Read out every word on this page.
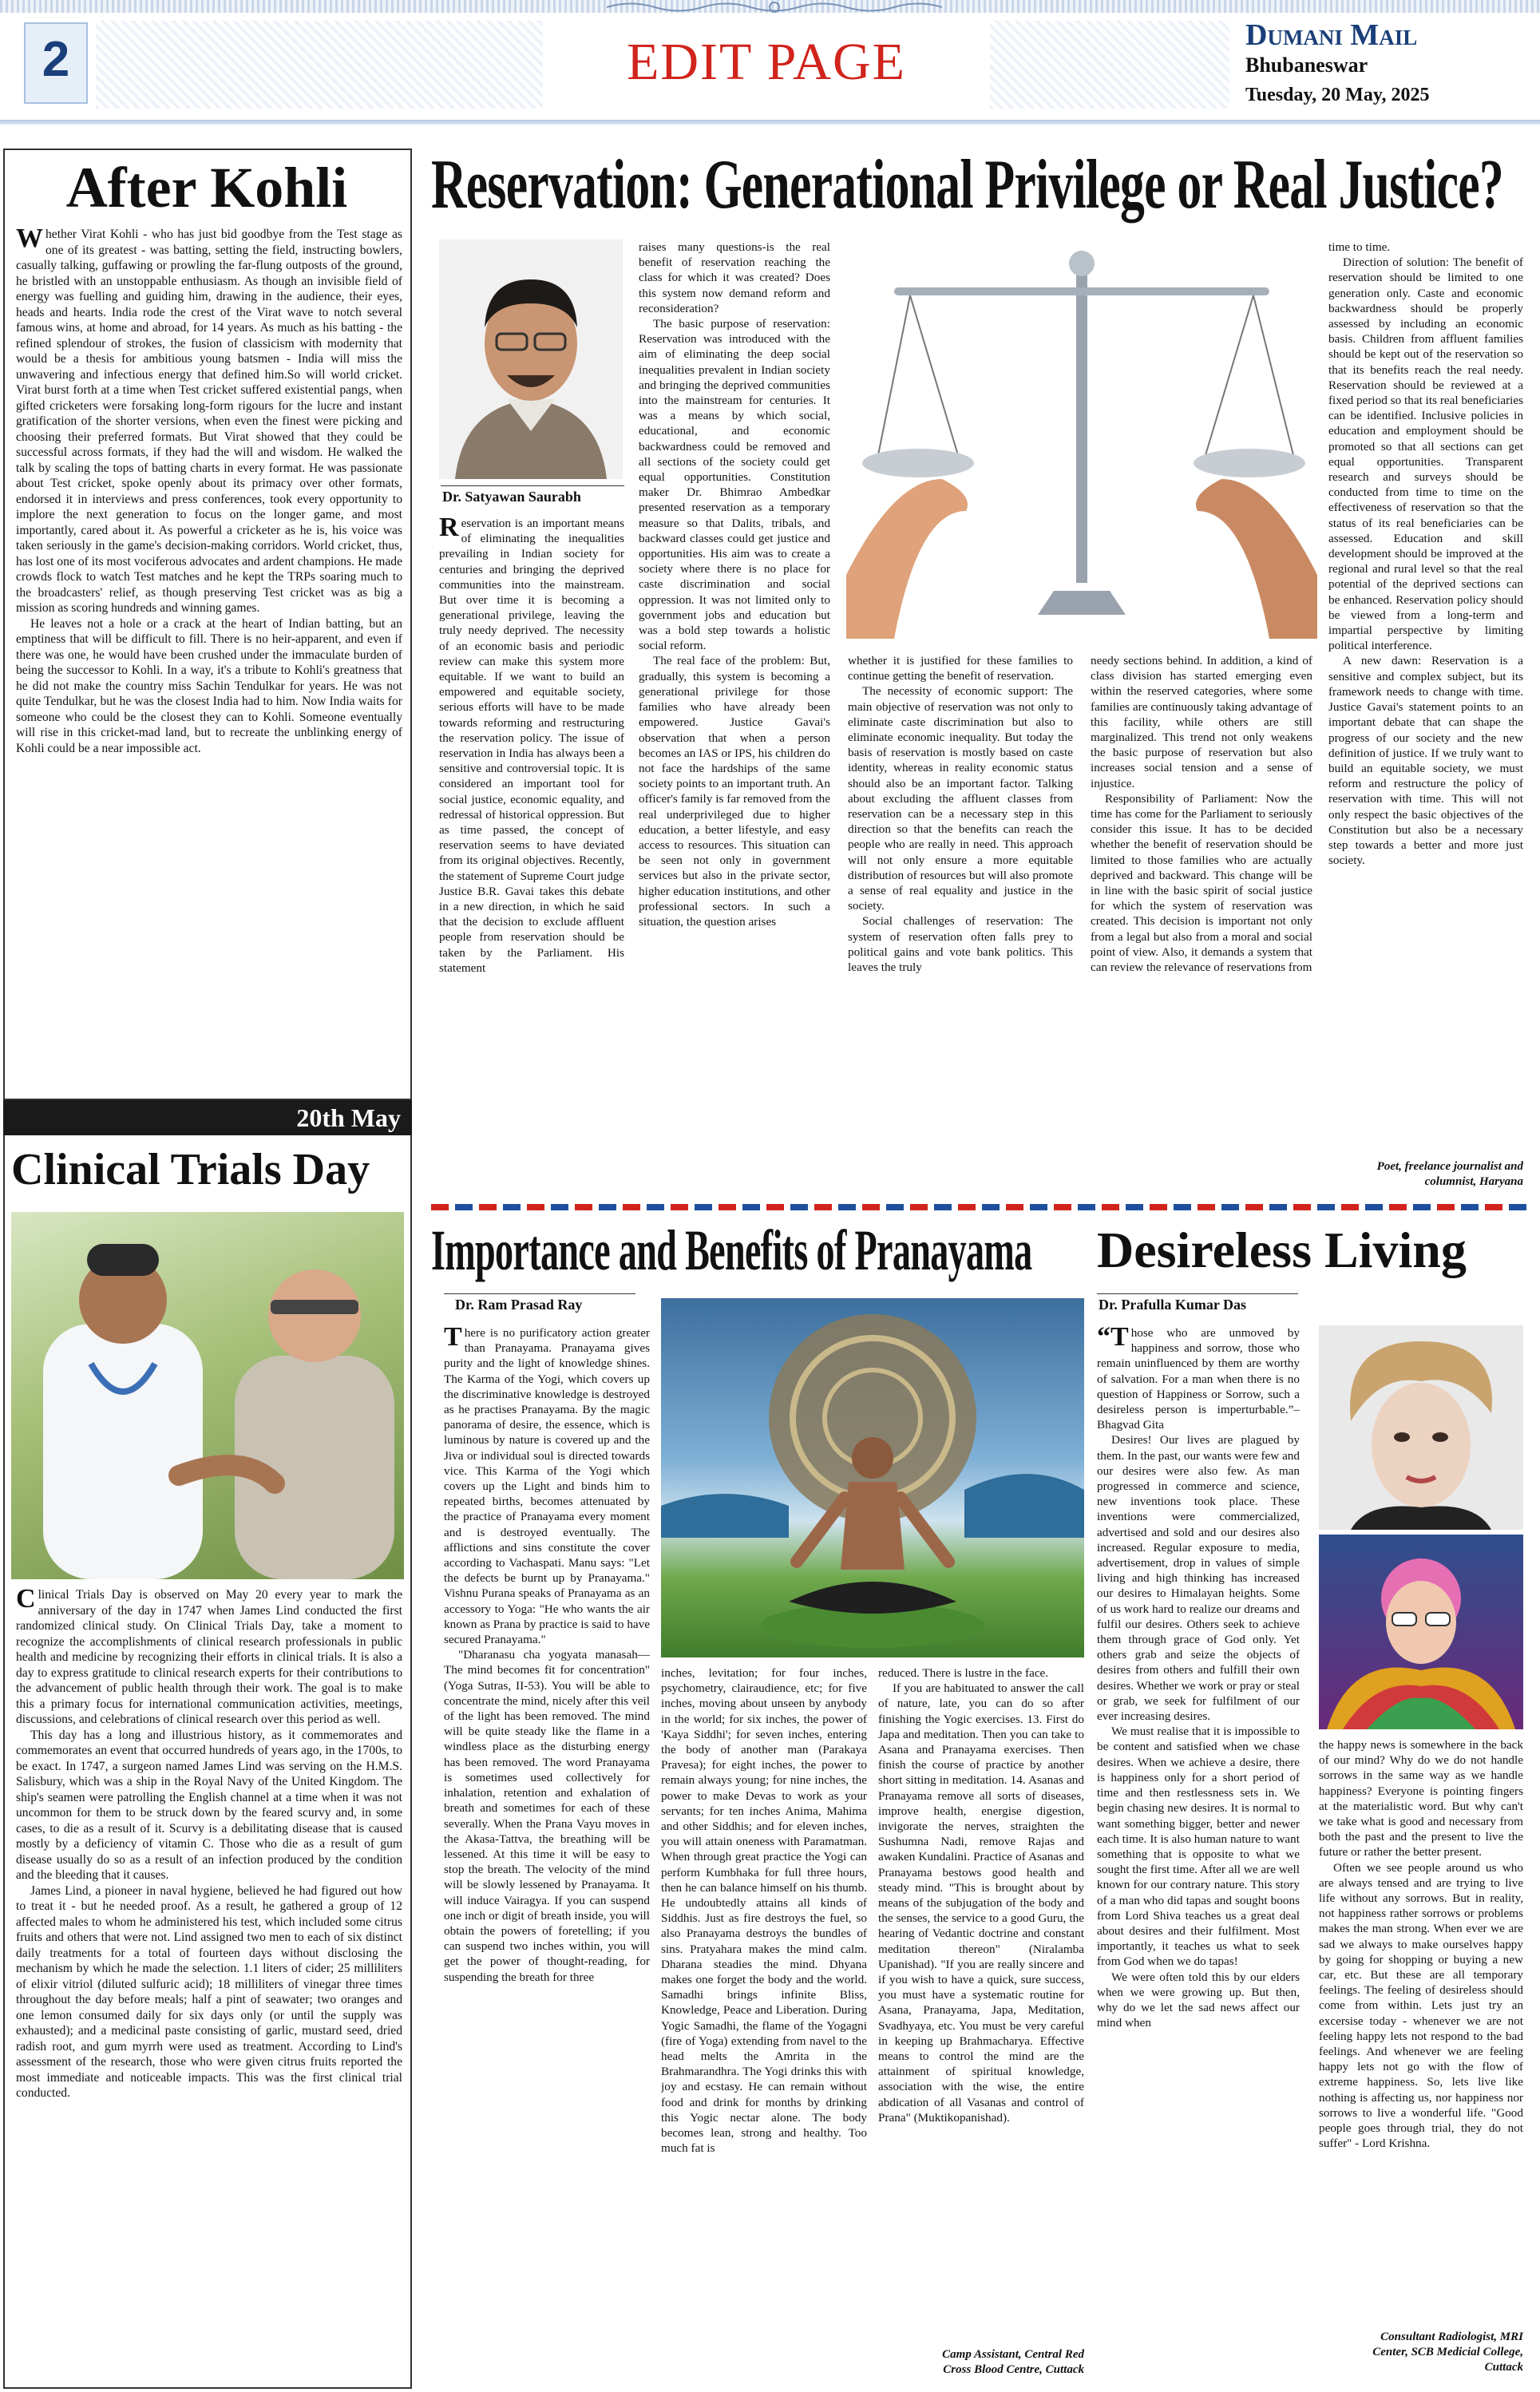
2	EDIT PAGE	Dumani Mail
Bhubaneswar
Tuesday, 20 May, 2025
After Kohli

Whether Virat Kohli - who has just bid goodbye from the Test stage as one of its greatest - was batting, setting the field, instructing bowlers, casually talking, guffawing or prowling the far-flung outposts of the ground, he bristled with an unstoppable enthusiasm. As though an invisible field of energy was fuelling and guiding him, drawing in the audience, their eyes, heads and hearts. India rode the crest of the Virat wave to notch several famous wins, at home and abroad, for 14 years. As much as his batting - the refined splendour of strokes, the fusion of classicism with modernity that would be a thesis for ambitious young batsmen - India will miss the unwavering and infectious energy that defined him.So will world cricket. Virat burst forth at a time when Test cricket suffered existential pangs, when gifted cricketers were forsaking long-form rigours for the lucre and instant gratification of the shorter versions, when even the finest were picking and choosing their preferred formats. But Virat showed that they could be successful across formats, if they had the will and wisdom. He walked the talk by scaling the tops of batting charts in every format. He was passionate about Test cricket, spoke openly about its primacy over other formats, endorsed it in interviews and press conferences, took every opportunity to implore the next generation to focus on the longer game, and most importantly, cared about it. As powerful a cricketer as he is, his voice was taken seriously in the game's decision-making corridors. World cricket, thus, has lost one of its most vociferous advocates and ardent champions. He made crowds flock to watch Test matches and he kept the TRPs soaring much to the broadcasters' relief, as though preserving Test cricket was as big a mission as scoring hundreds and winning games.

He leaves not a hole or a crack at the heart of Indian batting, but an emptiness that will be difficult to fill. There is no heir-apparent, and even if there was one, he would have been crushed under the immaculate burden of being the successor to Kohli. In a way, it's a tribute to Kohli's greatness that he did not make the country miss Sachin Tendulkar for years. He was not quite Tendulkar, but he was the closest India had to him. Now India waits for someone who could be the closest they can to Kohli. Someone eventually will rise in this cricket-mad land, but to recreate the unblinking energy of Kohli could be a near impossible act.

20th May
Clinical Trials Day

Clinical Trials Day is observed on May 20 every year to mark the anniversary of the day in 1747 when James Lind conducted the first randomized clinical study. On Clinical Trials Day, take a moment to recognize the accomplishments of clinical research professionals in public health and medicine by recognizing their efforts in clinical trials. It is also a day to express gratitude to clinical research experts for their contributions to the advancement of public health through their work. The goal is to make this a primary focus for international communication activities, meetings, discussions, and celebrations of clinical research over this period as well.

This day has a long and illustrious history, as it commemorates and commemorates an event that occurred hundreds of years ago, in the 1700s, to be exact. In 1747, a surgeon named James Lind was serving on the H.M.S. Salisbury, which was a ship in the Royal Navy of the United Kingdom. The ship's seamen were patrolling the English channel at a time when it was not uncommon for them to be struck down by the feared scurvy and, in some cases, to die as a result of it. Scurvy is a debilitating disease that is caused mostly by a deficiency of vitamin C. Those who die as a result of gum disease usually do so as a result of an infection produced by the condition and the bleeding that it causes.

James Lind, a pioneer in naval hygiene, believed he had figured out how to treat it - but he needed proof. As a result, he gathered a group of 12 affected males to whom he administered his test, which included some citrus fruits and others that were not. Lind assigned two men to each of six distinct daily treatments for a total of fourteen days without disclosing the mechanism by which he made the selection. 1.1 liters of cider; 25 milliliters of elixir vitriol (diluted sulfuric acid); 18 milliliters of vinegar three times throughout the day before meals; half a pint of seawater; two oranges and one lemon consumed daily for six days only (or until the supply was exhausted); and a medicinal paste consisting of garlic, mustard seed, dried radish root, and gum myrrh were used as treatment. According to Lind's assessment of the research, those who were given citrus fruits reported the most immediate and noticeable impacts. This was the first clinical trial conducted.

Reservation: Generational Privilege or Real Justice?
Dr. Satyawan Saurabh

Reservation is an important means of eliminating the inequalities prevailing in Indian society for centuries and bringing the deprived communities into the mainstream. But over time it is becoming a generational privilege, leaving the truly needy deprived. The necessity of an economic basis and periodic review can make this system more equitable. If we want to build an empowered and equitable society, serious efforts will have to be made towards reforming and restructuring the reservation policy. The issue of reservation in India has always been a sensitive and controversial topic. It is considered an important tool for social justice, economic equality, and redressal of historical oppression. But as time passed, the concept of reservation seems to have deviated from its original objectives. Recently, the statement of Supreme Court judge Justice B.R. Gavai takes this debate in a new direction, in which he said that the decision to exclude affluent people from reservation should be taken by the Parliament. His statement

raises many questions-is the real benefit of reservation reaching the class for which it was created? Does this system now demand reform and reconsideration?

The basic purpose of reservation: Reservation was introduced with the aim of eliminating the deep social inequalities prevalent in Indian society and bringing the deprived communities into the mainstream for centuries. It was a means by which social, educational, and economic backwardness could be removed and all sections of the society could get equal opportunities. Constitution maker Dr. Bhimrao Ambedkar presented reservation as a temporary measure so that Dalits, tribals, and backward classes could get justice and opportunities. His aim was to create a society where there is no place for caste discrimination and social oppression. It was not limited only to government jobs and education but was a bold step towards a holistic social reform.

The real face of the problem: But, gradually, this system is becoming a generational privilege for those families who have already been empowered. Justice Gavai's observation that when a person becomes an IAS or IPS, his children do not face the hardships of the same society points to an important truth. An officer's family is far removed from the real underprivileged due to higher education, a better lifestyle, and easy access to resources. This situation can be seen not only in government services but also in the private sector, higher education institutions, and other professional sectors. In such a situation, the question arises

whether it is justified for these families to continue getting the benefit of reservation.

The necessity of economic support: The main objective of reservation was not only to eliminate caste discrimination but also to eliminate economic inequality. But today the basis of reservation is mostly based on caste identity, whereas in reality economic status should also be an important factor. Talking about excluding the affluent classes from reservation can be a necessary step in this direction so that the benefits can reach the people who are really in need. This approach will not only ensure a more equitable distribution of resources but will also promote a sense of real equality and justice in the society.

Social challenges of reservation: The system of reservation often falls prey to political gains and vote bank politics. This leaves the truly

needy sections behind. In addition, a kind of class division has started emerging even within the reserved categories, where some families are continuously taking advantage of this facility, while others are still marginalized. This trend not only weakens the basic purpose of reservation but also increases social tension and a sense of injustice.

Responsibility of Parliament: Now the time has come for the Parliament to seriously consider this issue. It has to be decided whether the benefit of reservation should be limited to those families who are actually deprived and backward. This change will be in line with the basic spirit of social justice for which the system of reservation was created. This decision is important not only from a legal but also from a moral and social point of view. Also, it demands a system that can review the relevance of reservations from

time to time.

Direction of solution: The benefit of reservation should be limited to one generation only. Caste and economic backwardness should be properly assessed by including an economic basis. Children from affluent families should be kept out of the reservation so that its benefits reach the real needy. Reservation should be reviewed at a fixed period so that its real beneficiaries can be identified. Inclusive policies in education and employment should be promoted so that all sections can get equal opportunities. Transparent research and surveys should be conducted from time to time on the effectiveness of reservation so that the status of its real beneficiaries can be assessed. Education and skill development should be improved at the regional and rural level so that the real potential of the deprived sections can be enhanced. Reservation policy should be viewed from a long-term and impartial perspective by limiting political interference.

A new dawn: Reservation is a sensitive and complex subject, but its framework needs to change with time. Justice Gavai's statement points to an important debate that can shape the progress of our society and the new definition of justice. If we truly want to build an equitable society, we must reform and restructure the policy of reservation with time. This will not only respect the basic objectives of the Constitution but also be a necessary step towards a better and more just society.

Poet, freelance journalist and
columnist, Haryana
Importance and Benefits of Pranayama
Dr. Ram Prasad Ray

There is no purificatory action greater than Pranayama. Pranayama gives purity and the light of knowledge shines. The Karma of the Yogi, which covers up the discriminative knowledge is destroyed as he practises Pranayama. By the magic panorama of desire, the essence, which is luminous by nature is covered up and the Jiva or individual soul is directed towards vice. This Karma of the Yogi which covers up the Light and binds him to repeated births, becomes attenuated by the practice of Pranayama every moment and is destroyed eventually. The afflictions and sins constitute the cover according to Vachaspati. Manu says: "Let the defects be burnt up by Pranayama." Vishnu Purana speaks of Pranayama as an accessory to Yoga: "He who wants the air known as Prana by practice is said to have secured Pranayama."

"Dharanasu cha yogyata manasah—The mind becomes fit for concentration" (Yoga Sutras, II-53). You will be able to concentrate the mind, nicely after this veil of the light has been removed. The mind will be quite steady like the flame in a windless place as the disturbing energy has been removed. The word Pranayama is sometimes used collectively for inhalation, retention and exhalation of breath and sometimes for each of these severally. When the Prana Vayu moves in the Akasa-Tattva, the breathing will be lessened. At this time it will be easy to stop the breath. The velocity of the mind will be slowly lessened by Pranayama. It will induce Vairagya. If you can suspend one inch or digit of breath inside, you will obtain the powers of foretelling; if you can suspend two inches within, you will get the power of thought-reading, for suspending the breath for three

inches, levitation; for four inches, psychometry, clairaudience, etc; for five inches, moving about unseen by anybody in the world; for six inches, the power of 'Kaya Siddhi'; for seven inches, entering the body of another man (Parakaya Pravesa); for eight inches, the power to remain always young; for nine inches, the power to make Devas to work as your servants; for ten inches Anima, Mahima and other Siddhis; and for eleven inches, you will attain oneness with Paramatman. When through great practice the Yogi can perform Kumbhaka for full three hours, then he can balance himself on his thumb. He undoubtedly attains all kinds of Siddhis. Just as fire destroys the fuel, so also Pranayama destroys the bundles of sins. Pratyahara makes the mind calm. Dharana steadies the mind. Dhyana makes one forget the body and the world. Samadhi brings infinite Bliss, Knowledge, Peace and Liberation. During Yogic Samadhi, the flame of the Yogagni (fire of Yoga) extending from navel to the head melts the Amrita in the Brahmarandhra. The Yogi drinks this with joy and ecstasy. He can remain without food and drink for months by drinking this Yogic nectar alone. The body becomes lean, strong and healthy. Too much fat is

reduced. There is lustre in the face.

If you are habituated to answer the call of nature, late, you can do so after finishing the Yogic exercises. 13. First do Japa and meditation. Then you can take to Asana and Pranayama exercises. Then finish the course of practice by another short sitting in meditation. 14. Asanas and Pranayama remove all sorts of diseases, improve health, energise digestion, invigorate the nerves, straighten the Sushumna Nadi, remove Rajas and awaken Kundalini. Practice of Asanas and Pranayama bestows good health and steady mind. "This is brought about by means of the subjugation of the body and the senses, the service to a good Guru, the hearing of Vedantic doctrine and constant meditation thereon" (Niralamba Upanishad). "If you are really sincere and if you wish to have a quick, sure success, you must have a systematic routine for Asana, Pranayama, Japa, Meditation, Svadhyaya, etc. You must be very careful in keeping up Brahmacharya. Effective means to control the mind are the attainment of spiritual knowledge, association with the wise, the entire abdication of all Vasanas and control of Prana" (Muktikopanishad).

Camp Assistant, Central Red
Cross Blood Centre, Cuttack
Desireless Living
Dr. Prafulla Kumar Das

“Those who are unmoved by happiness and sorrow, those who remain uninfluenced by them are worthy of salvation. For a man when there is no question of Happiness or Sorrow, such a desireless person is imperturbable.”– Bhagvad Gita

Desires! Our lives are plagued by them. In the past, our wants were few and our desires were also few. As man progressed in commerce and science, new inventions took place. These inventions were commercialized, advertised and sold and our desires also increased. Regular exposure to media, advertisement, drop in values of simple living and high thinking has increased our desires to Himalayan heights. Some of us work hard to realize our dreams and fulfil our desires. Others seek to achieve them through grace of God only. Yet others grab and seize the objects of desires from others and fulfill their own desires. Whether we work or pray or steal or grab, we seek for fulfilment of our ever increasing desires.

We must realise that it is impossible to be content and satisfied when we chase desires. When we achieve a desire, there is happiness only for a short period of time and then restlessness sets in. We begin chasing new desires. It is normal to want something bigger, better and newer each time. It is also human nature to want something that is opposite to what we sought the first time. After all we are well known for our contrary nature. This story of a man who did tapas and sought boons from Lord Shiva teaches us a great deal about desires and their fulfilment. Most importantly, it teaches us what to seek from God when we do tapas!

We were often told this by our elders when we were growing up. But then, why do we let the sad news affect our mind when

the happy news is somewhere in the back of our mind? Why do we do not handle sorrows in the same way as we handle happiness? Everyone is pointing fingers at the materialistic word. But why can't we take what is good and necessary from both the past and the present to live the future or rather the better present.

Often we see people around us who are always tensed and are trying to live life without any sorrows. But in reality, not happiness rather sorrows or problems makes the man strong. When ever we are sad we always to make ourselves happy by going for shopping or buying a new car, etc. But these are all temporary feelings. The feeling of desireless should come from within. Lets just try an excersise today - whenever we are not feeling happy lets not respond to the bad feelings. And whenever we are feeling happy lets not go with the flow of extreme happiness. So, lets live like nothing is affecting us, nor happiness nor sorrows to live a wonderful life. "Good people goes through trial, they do not suffer" - Lord Krishna.

Consultant Radiologist, MRI
Center, SCB Medicial College,
Cuttack
